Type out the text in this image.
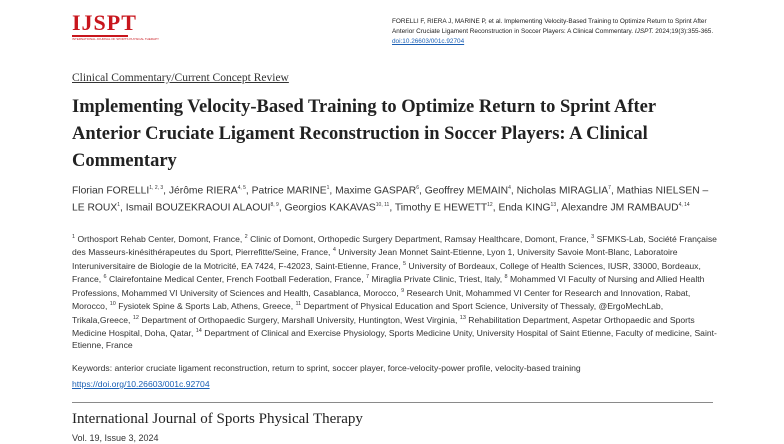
IJSPT
INTERNATIONAL JOURNAL OF SPORTS PHYSICAL THERAPY
FORELLI F, RIERA J, MARINE P, et al. Implementing Velocity-Based Training to Optimize Return to Sprint After Anterior Cruciate Ligament Reconstruction in Soccer Players: A Clinical Commentary. IJSPT. 2024;19(3):355-365. doi:10.26603/001c.92704
Clinical Commentary/Current Concept Review
Implementing Velocity-Based Training to Optimize Return to Sprint After Anterior Cruciate Ligament Reconstruction in Soccer Players: A Clinical Commentary
Florian FORELLI$^{1, 2, 3}$, Jérôme RIERA$^{4, 5}$, Patrice MARINE$^1$, Maxime GASPAR$^6$, Geoffrey MEMAIN$^4$, Nicholas MIRAGLIA$^7$, Mathias NIELSEN – LE ROUX$^1$, Ismail BOUZEKRAOUI ALAOUI$^{8, 9}$, Georgios KAKAVAS$^{10, 11}$, Timothy E HEWETT$^{12}$, Enda KING$^{13}$, Alexandre JM RAMBAUD$^{4, 14}$
$^1$ Orthosport Rehab Center, Domont, France, $^2$ Clinic of Domont, Orthopedic Surgery Department, Ramsay Healthcare, Domont, France, $^3$ SFMKS-Lab, Société Française des Masseurs-kinésithérapeutes du Sport, Pierrefitte/Seine, France, $^4$ University Jean Monnet Saint-Etienne, Lyon 1, University Savoie Mont-Blanc, Laboratoire Interuniversitaire de Biologie de la Motricité, EA 7424, F-42023, Saint-Etienne, France, $^5$ University of Bordeaux, College of Health Sciences, IUSR, 33000, Bordeaux, France, $^6$ Clairefontaine Medical Center, French Football Federation, France, $^7$ Miraglia Private Clinic, Triest, Italy, $^8$ Mohammed VI Faculty of Nursing and Allied Health Professions, Mohammed VI University of Sciences and Health, Casablanca, Morocco, $^9$ Research Unit, Mohammed VI Center for Research and Innovation, Rabat, Morocco, $^{10}$ Fysiotek Spine & Sports Lab, Athens, Greece, $^{11}$ Department of Physical Education and Sport Science, University of Thessaly, @ErgoMechLab, Trikala,Greece, $^{12}$ Department of Orthopaedic Surgery, Marshall University, Huntington, West Virginia, $^{13}$ Rehabilitation Department, Aspetar Orthopaedic and Sports Medicine Hospital, Doha, Qatar, $^{14}$ Department of Clinical and Exercise Physiology, Sports Medicine Unity, University Hospital of Saint Etienne, Faculty of medicine, Saint-Etienne, France
Keywords: anterior cruciate ligament reconstruction, return to sprint, soccer player, force-velocity-power profile, velocity-based training
https://doi.org/10.26603/001c.92704
International Journal of Sports Physical Therapy
Vol. 19, Issue 3, 2024
